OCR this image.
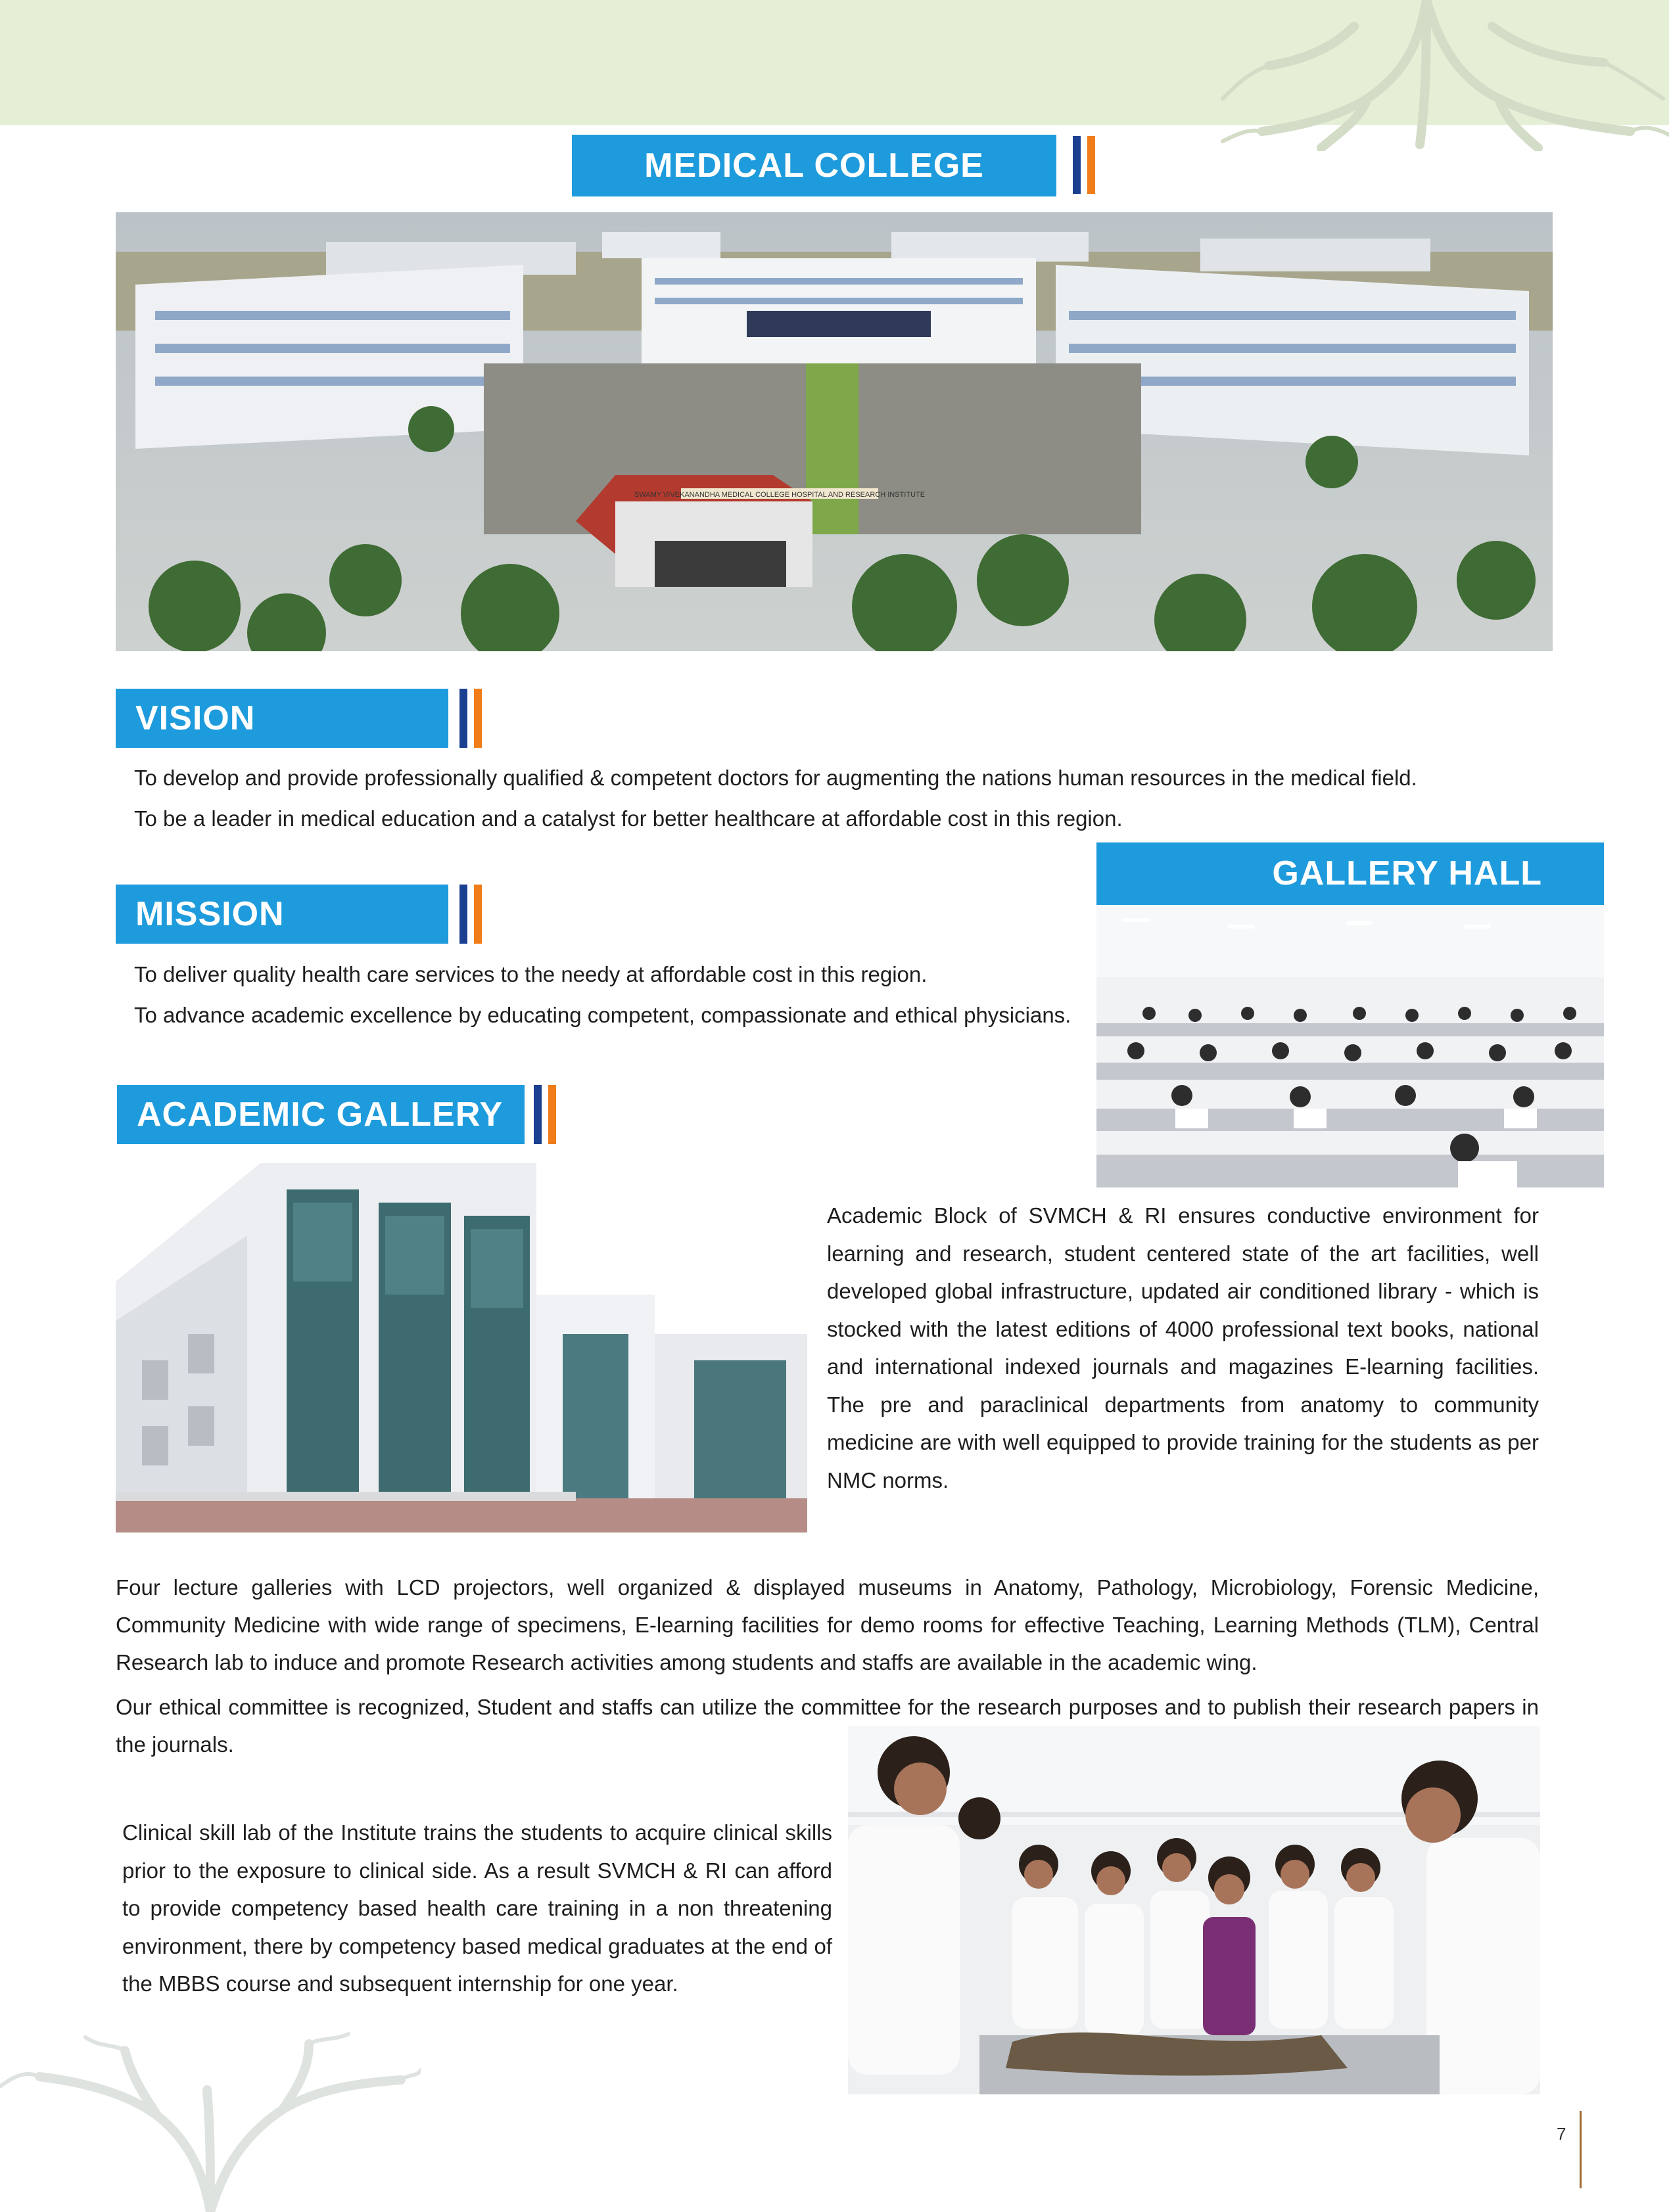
MEDICAL COLLEGE
SWAMY VIVEKANANDHA MEDICAL COLLEGE HOSPITAL AND RESEARCH INSTITUTE
VISION

To develop and provide professionally qualified & competent doctors for augmenting the nations human resources in the medical field.

To be a leader in medical education and a catalyst for better healthcare at affordable cost in this region.

GALLERY HALL
MISSION

To deliver quality health care services to the needy at affordable cost in this region.

To advance academic excellence by educating competent, compassionate and ethical physicians.

ACADEMIC GALLERY

Academic Block of SVMCH & RI ensures conductive environment for learning and research, student centered state of the art facilities, well developed global infrastructure, updated air conditioned library - which is stocked with the latest editions of 4000 professional text books, national and international indexed journals and magazines E-learning facilities. The pre and paraclinical departments from anatomy to community medicine are with well equipped to provide training for the students as per NMC norms.

Four lecture galleries with LCD projectors, well organized & displayed museums in Anatomy, Pathology, Microbiology, Forensic Medicine, Community Medicine with wide range of specimens, E-learning facilities for demo rooms for effective Teaching, Learning Methods (TLM), Central Research lab to induce and promote Research activities among students and staffs are available in the academic wing.

Our ethical committee is recognized, Student and staffs can utilize the committee for the research purposes and to publish their research papers in the journals.

Clinical skill lab of the Institute trains the students to acquire clinical skills prior to the exposure to clinical side. As a result SVMCH & RI can afford to provide competency based health care training in a non threatening environment, there by competency based medical graduates at the end of the MBBS course and subsequent internship for one year.

7
